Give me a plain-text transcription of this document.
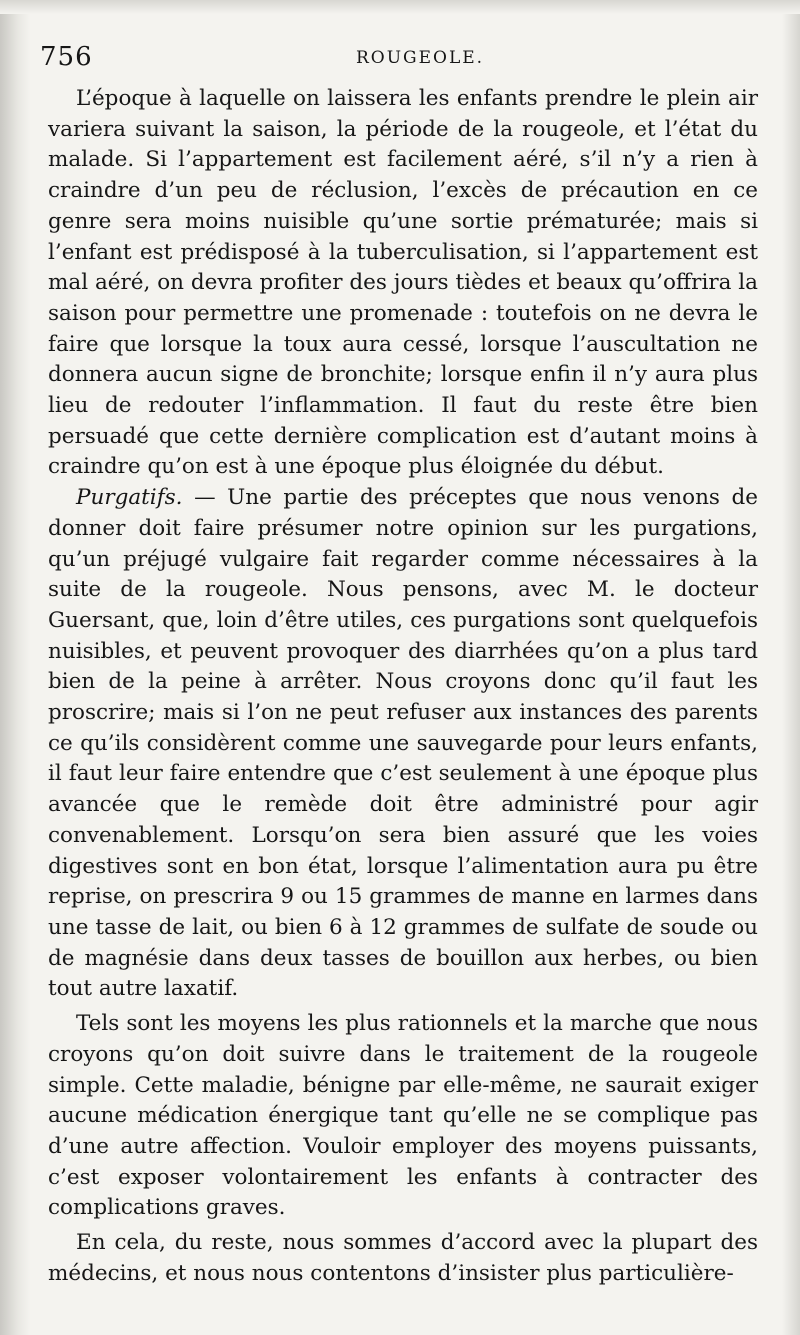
756	ROUGEOLE.

L’époque à laquelle on laissera les enfants prendre le plein air variera suivant la saison, la période de la rougeole, et l’état du malade. Si l’appartement est facilement aéré, s’il n’y a rien à craindre d’un peu de réclusion, l’excès de précaution en ce genre sera moins nuisible qu’une sortie prématurée; mais si l’enfant est prédisposé à la tuberculisation, si l’appartement est mal aéré, on devra profiter des jours tièdes et beaux qu’offrira la saison pour permettre une promenade : toutefois on ne devra le faire que lorsque la toux aura cessé, lorsque l’auscultation ne donnera aucun signe de bronchite; lorsque enfin il n’y aura plus lieu de redouter l’inflammation. Il faut du reste être bien persuadé que cette dernière complication est d’autant moins à craindre qu’on est à une époque plus éloignée du début.

Purgatifs. — Une partie des préceptes que nous venons de donner doit faire présumer notre opinion sur les purgations, qu’un préjugé vulgaire fait regarder comme nécessaires à la suite de la rougeole. Nous pensons, avec M. le docteur Guersant, que, loin d’être utiles, ces purgations sont quelquefois nuisibles, et peuvent provoquer des diarrhées qu’on a plus tard bien de la peine à arrêter. Nous croyons donc qu’il faut les proscrire; mais si l’on ne peut refuser aux instances des parents ce qu’ils considèrent comme une sauvegarde pour leurs enfants, il faut leur faire entendre que c’est seulement à une époque plus avancée que le remède doit être administré pour agir convenablement. Lorsqu’on sera bien assuré que les voies digestives sont en bon état, lorsque l’alimentation aura pu être reprise, on prescrira 9 ou 15 grammes de manne en larmes dans une tasse de lait, ou bien 6 à 12 grammes de sulfate de soude ou de magnésie dans deux tasses de bouillon aux herbes, ou bien tout autre laxatif.

Tels sont les moyens les plus rationnels et la marche que nous croyons qu’on doit suivre dans le traitement de la rougeole simple. Cette maladie, bénigne par elle-même, ne saurait exiger aucune médication énergique tant qu’elle ne se complique pas d’une autre affection. Vouloir employer des moyens puissants, c’est exposer volontairement les enfants à contracter des complications graves.

En cela, du reste, nous sommes d’accord avec la plupart des médecins, et nous nous contentons d’insister plus particulière-
